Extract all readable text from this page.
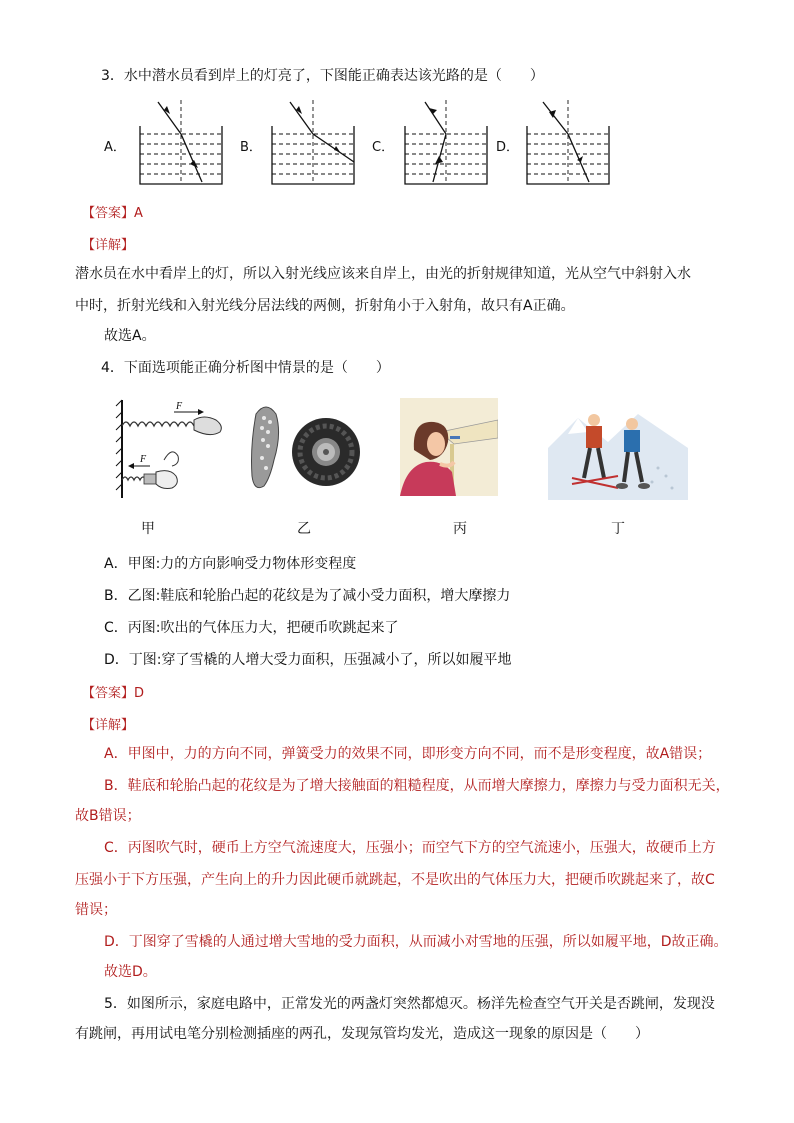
3．水中潜水员看到岸上的灯亮了，下图能正确表达该光路的是（　　）
A．	B．	C．	D．
【答案】A
【详解】
潜水员在水中看岸上的灯，所以入射光线应该来自岸上，由光的折射规律知道，光从空气中斜射入水
中时，折射光线和入射光线分居法线的两侧，折射角小于入射角，故只有A正确。
故选A。
4．下面选项能正确分析图中情景的是（　　）
F
F
甲	乙	丙	丁
A．甲图:力的方向影响受力物体形变程度
B．乙图:鞋底和轮胎凸起的花纹是为了减小受力面积，增大摩擦力
C．丙图:吹出的气体压力大，把硬币吹跳起来了
D．丁图:穿了雪橇的人增大受力面积，压强减小了，所以如履平地
【答案】D
【详解】
A．甲图中，力的方向不同，弹簧受力的效果不同，即形变方向不同，而不是形变程度，故A错误；
B．鞋底和轮胎凸起的花纹是为了增大接触面的粗糙程度，从而增大摩擦力，摩擦力与受力面积无关，
故B错误；
C．丙图吹气时，硬币上方空气流速度大，压强小；而空气下方的空气流速小，压强大，故硬币上方
压强小于下方压强，产生向上的升力因此硬币就跳起，不是吹出的气体压力大，把硬币吹跳起来了，故C
错误；
D．丁图穿了雪橇的人通过增大雪地的受力面积，从而减小对雪地的压强，所以如履平地，D故正确。
故选D。
5．如图所示，家庭电路中，正常发光的两盏灯突然都熄灭。杨洋先检查空气开关是否跳闸，发现没
有跳闸，再用试电笔分别检测插座的两孔，发现氖管均发光，造成这一现象的原因是（　　）
